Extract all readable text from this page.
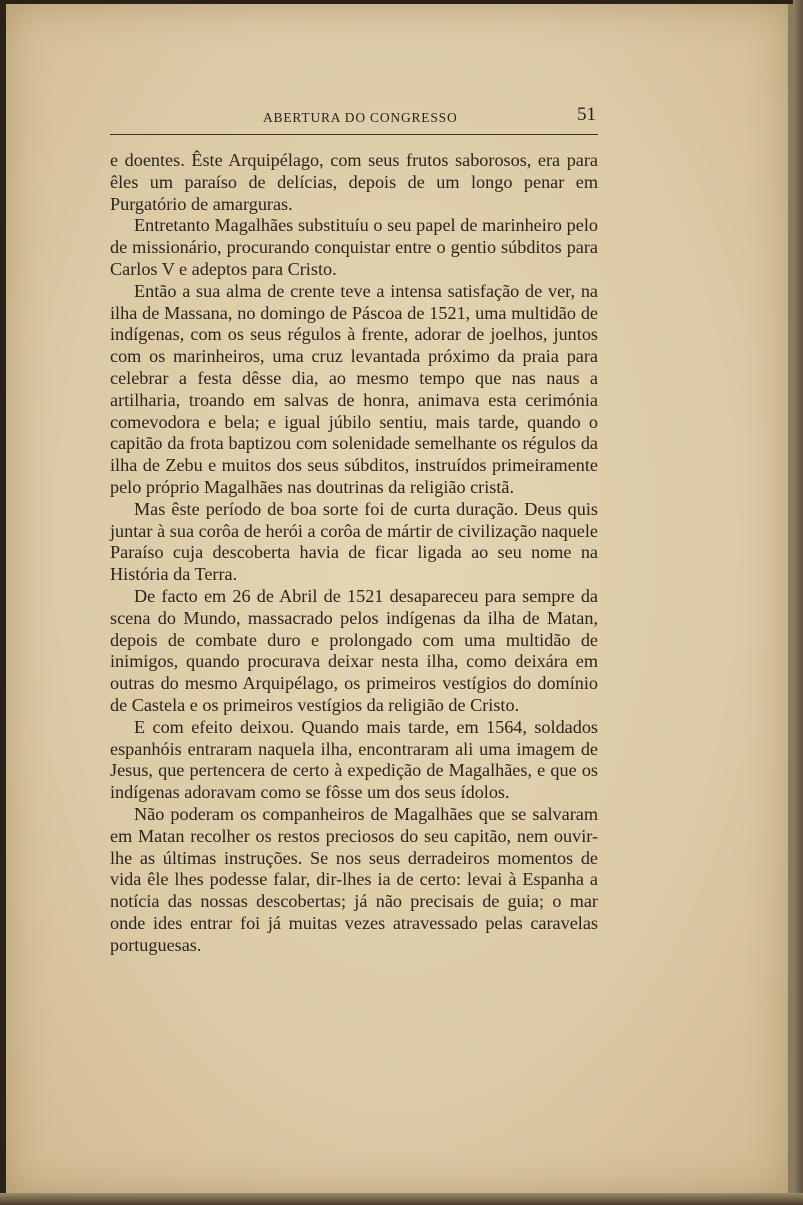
ABERTURA DO CONGRESSO	51

e doentes. Êste Arquipélago, com seus frutos saborosos, era para êles um paraíso de delícias, depois de um longo penar em Purgatório de amarguras.

Entretanto Magalhães substituíu o seu papel de marinheiro pelo de missionário, procurando conquistar entre o gentio súbditos para Carlos V e adeptos para Cristo.

Então a sua alma de crente teve a intensa satisfação de ver, na ilha de Massana, no domingo de Páscoa de 1521, uma multidão de indígenas, com os seus régulos à frente, adorar de joelhos, juntos com os marinheiros, uma cruz levantada próximo da praia para celebrar a festa dêsse dia, ao mesmo tempo que nas naus a artilharia, troando em salvas de honra, animava esta cerimónia comevodora e bela; e igual júbilo sentiu, mais tarde, quando o capitão da frota baptizou com solenidade semelhante os régulos da ilha de Zebu e muitos dos seus súbditos, instruídos primeiramente pelo próprio Magalhães nas doutrinas da religião cristã.

Mas êste período de boa sorte foi de curta duração. Deus quis juntar à sua corôa de herói a corôa de mártir de civilização naquele Paraíso cuja descoberta havia de ficar ligada ao seu nome na História da Terra.

De facto em 26 de Abril de 1521 desapareceu para sempre da scena do Mundo, massacrado pelos indígenas da ilha de Matan, depois de combate duro e prolongado com uma multidão de inimigos, quando procurava deixar nesta ilha, como deixára em outras do mesmo Arquipélago, os primeiros vestígios do domínio de Castela e os primeiros vestígios da religião de Cristo.

E com efeito deixou. Quando mais tarde, em 1564, soldados espanhóis entraram naquela ilha, encontraram ali uma imagem de Jesus, que pertencera de certo à expedição de Magalhães, e que os indígenas adoravam como se fôsse um dos seus ídolos.

Não poderam os companheiros de Magalhães que se salvaram em Matan recolher os restos preciosos do seu capitão, nem ouvir-lhe as últimas instruções. Se nos seus derradeiros momentos de vida êle lhes podesse falar, dir-lhes ia de certo: levai à Espanha a notícia das nossas descobertas; já não precisais de guia; o mar onde ides entrar foi já muitas vezes atravessado pelas caravelas portuguesas.
